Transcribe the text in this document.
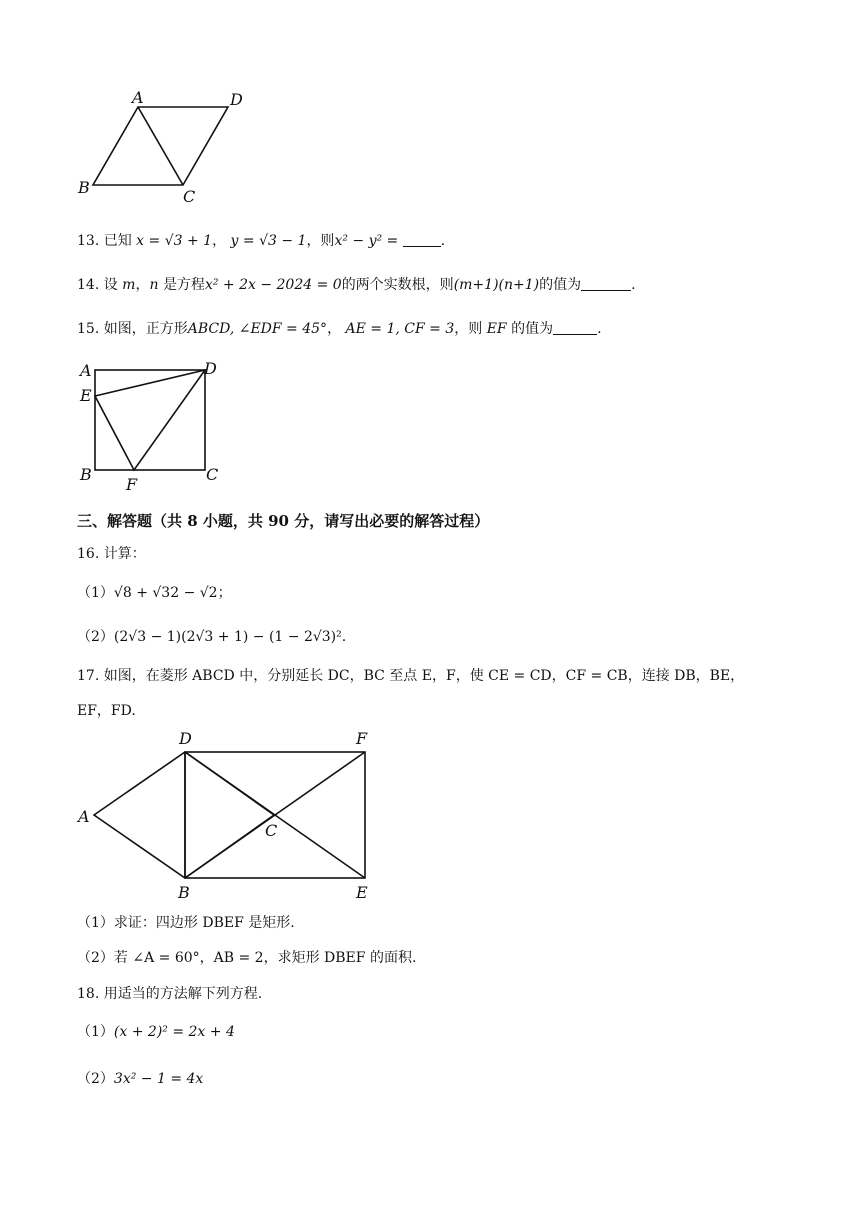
A	D
B	C
13. 已知 x = √3 + 1， y = √3 − 1，则x² − y² =	.
14. 设 m，n 是方程x² + 2x − 2024 = 0的两个实数根，则(m+1)(n+1)的值为	.
15. 如图，正方形ABCD, ∠EDF = 45°， AE = 1, CF = 3，则 EF 的值为	.
A	D
E
B	C
F
三、解答题（共 8 小题，共 90 分，请写出必要的解答过程）
16. 计算：
（1）√8 + √32 − √2；
（2）(2√3 − 1)(2√3 + 1) − (1 − 2√3)².
17. 如图，在菱形 ABCD 中，分别延长 DC，BC 至点 E，F，使 CE = CD，CF = CB，连接 DB，BE，
EF，FD.
D	F
A
C
B	E
（1）求证：四边形 DBEF 是矩形.
（2）若 ∠A = 60°，AB = 2，求矩形 DBEF 的面积.
18. 用适当的方法解下列方程.
（1）(x + 2)² = 2x + 4
（2）3x² − 1 = 4x
